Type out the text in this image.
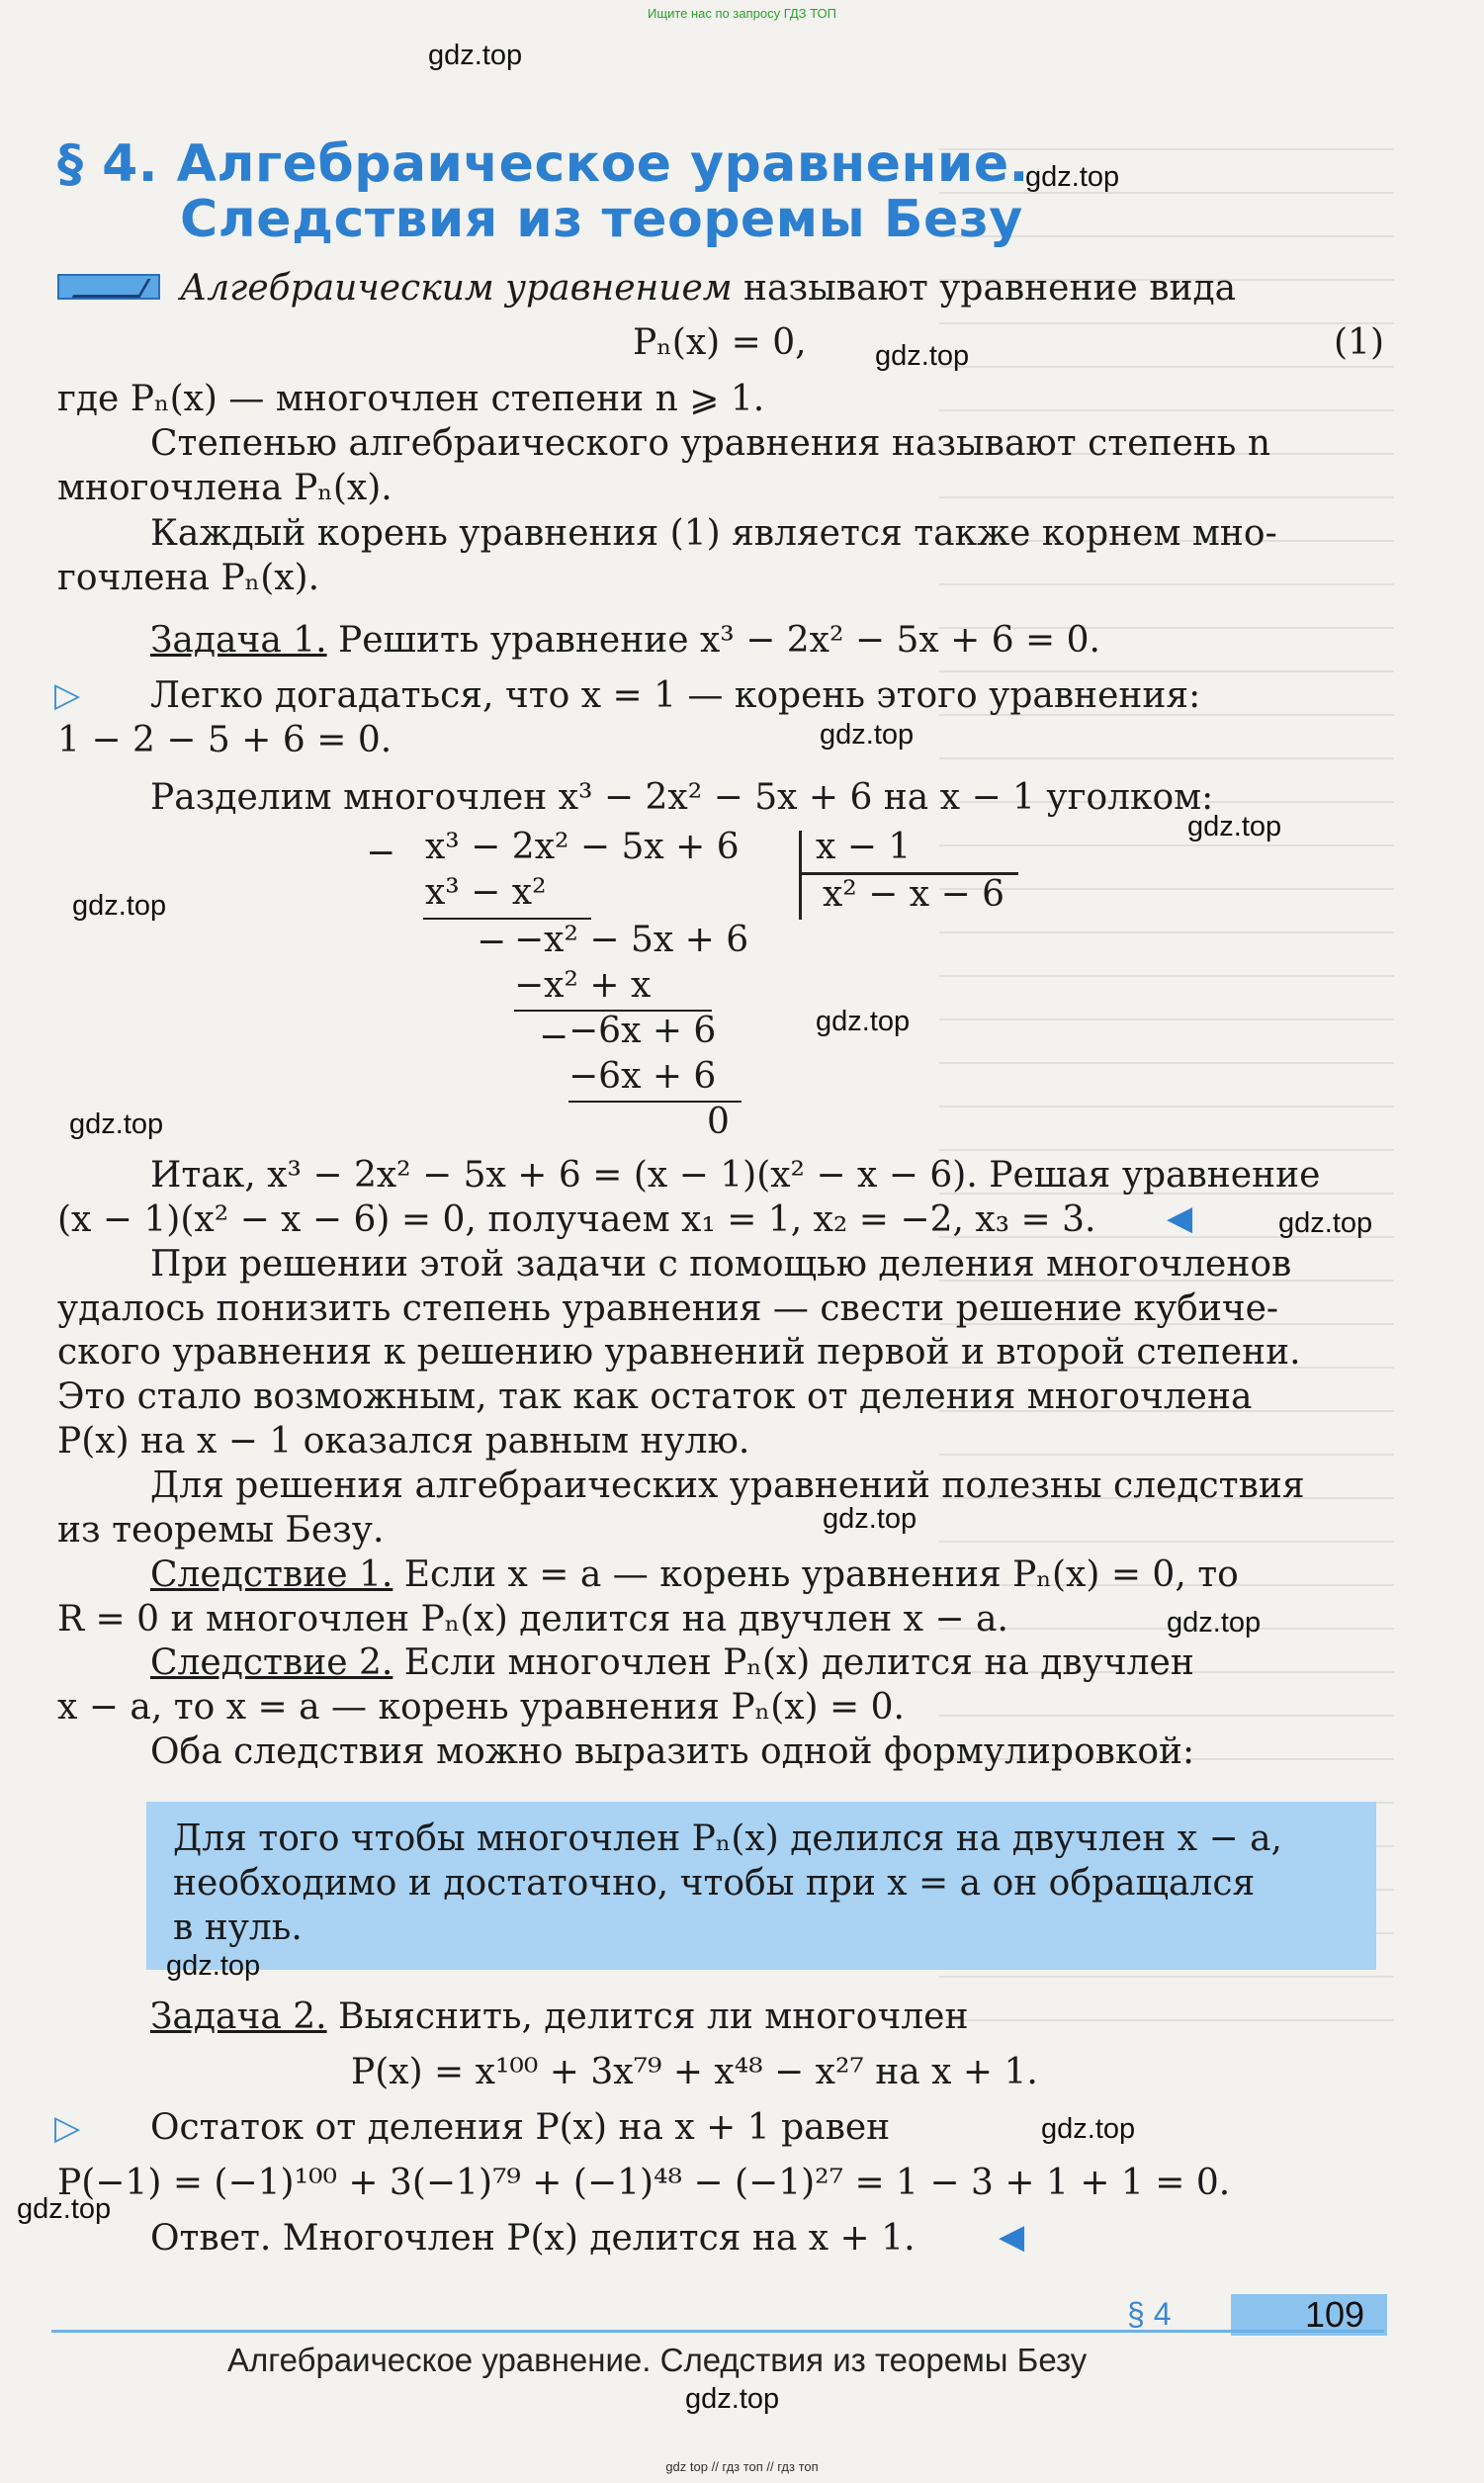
Ищите нас по запросу ГДЗ ТОП
§ 4. Алгебраическое уравнение.
Следствия из теоремы Безу
Алгебраическим уравнением называют уравнение вида
Pₙ(x) = 0,	(1)
где Pₙ(x) — многочлен степени n ⩾ 1.
Степенью алгебраического уравнения называют степень n
многочлена Pₙ(x).
Каждый корень уравнения (1) является также корнем мно-
гочлена Pₙ(x).
Задача 1. Решить уравнение x³ − 2x² − 5x + 6 = 0.
▷ Легко догадаться, что x = 1 — корень этого уравнения:
1 − 2 − 5 + 6 = 0.
Разделим многочлен x³ − 2x² − 5x + 6 на x − 1 уголком:
− x³ − 2x² − 5x + 6 x − 1
x² − x − 6
x³ − x²
− −x² − 5x + 6
−x² + x
− −6x + 6
−6x + 6
0
Итак, x³ − 2x² − 5x + 6 = (x − 1)(x² − x − 6). Решая уравнение
(x − 1)(x² − x − 6) = 0, получаем x₁ = 1, x₂ = −2, x₃ = 3.	◀
При решении этой задачи с помощью деления многочленов
удалось понизить степень уравнения — свести решение кубиче-
ского уравнения к решению уравнений первой и второй степени.
Это стало возможным, так как остаток от деления многочлена
P(x) на x − 1 оказался равным нулю.
Для решения алгебраических уравнений полезны следствия
из теоремы Безу.
Следствие 1. Если x = a — корень уравнения Pₙ(x) = 0, то
R = 0 и многочлен Pₙ(x) делится на двучлен x − a.
Следствие 2. Если многочлен Pₙ(x) делится на двучлен
x − a, то x = a — корень уравнения Pₙ(x) = 0.
Оба следствия можно выразить одной формулировкой:
Для того чтобы многочлен Pₙ(x) делился на двучлен x − a,
необходимо и достаточно, чтобы при x = a он обращался
в нуль.
Задача 2. Выяснить, делится ли многочлен
P(x) = x¹⁰⁰ + 3x⁷⁹ + x⁴⁸ − x²⁷ на x + 1.
▷ Остаток от деления P(x) на x + 1 равен
P(−1) = (−1)¹⁰⁰ + 3(−1)⁷⁹ + (−1)⁴⁸ − (−1)²⁷ = 1 − 3 + 1 + 1 = 0.
Ответ. Многочлен P(x) делится на x + 1.	◀
§ 4	109
Алгебраическое уравнение. Следствия из теоремы Безу
gdz.top
gdz.top
gdz.top
gdz.top
gdz.top
gdz.top
gdz.top
gdz.top
gdz.top
gdz.top
gdz.top
gdz.top
gdz.top
gdz.top
gdz.top
gdz top // гдз топ // гдз топ
